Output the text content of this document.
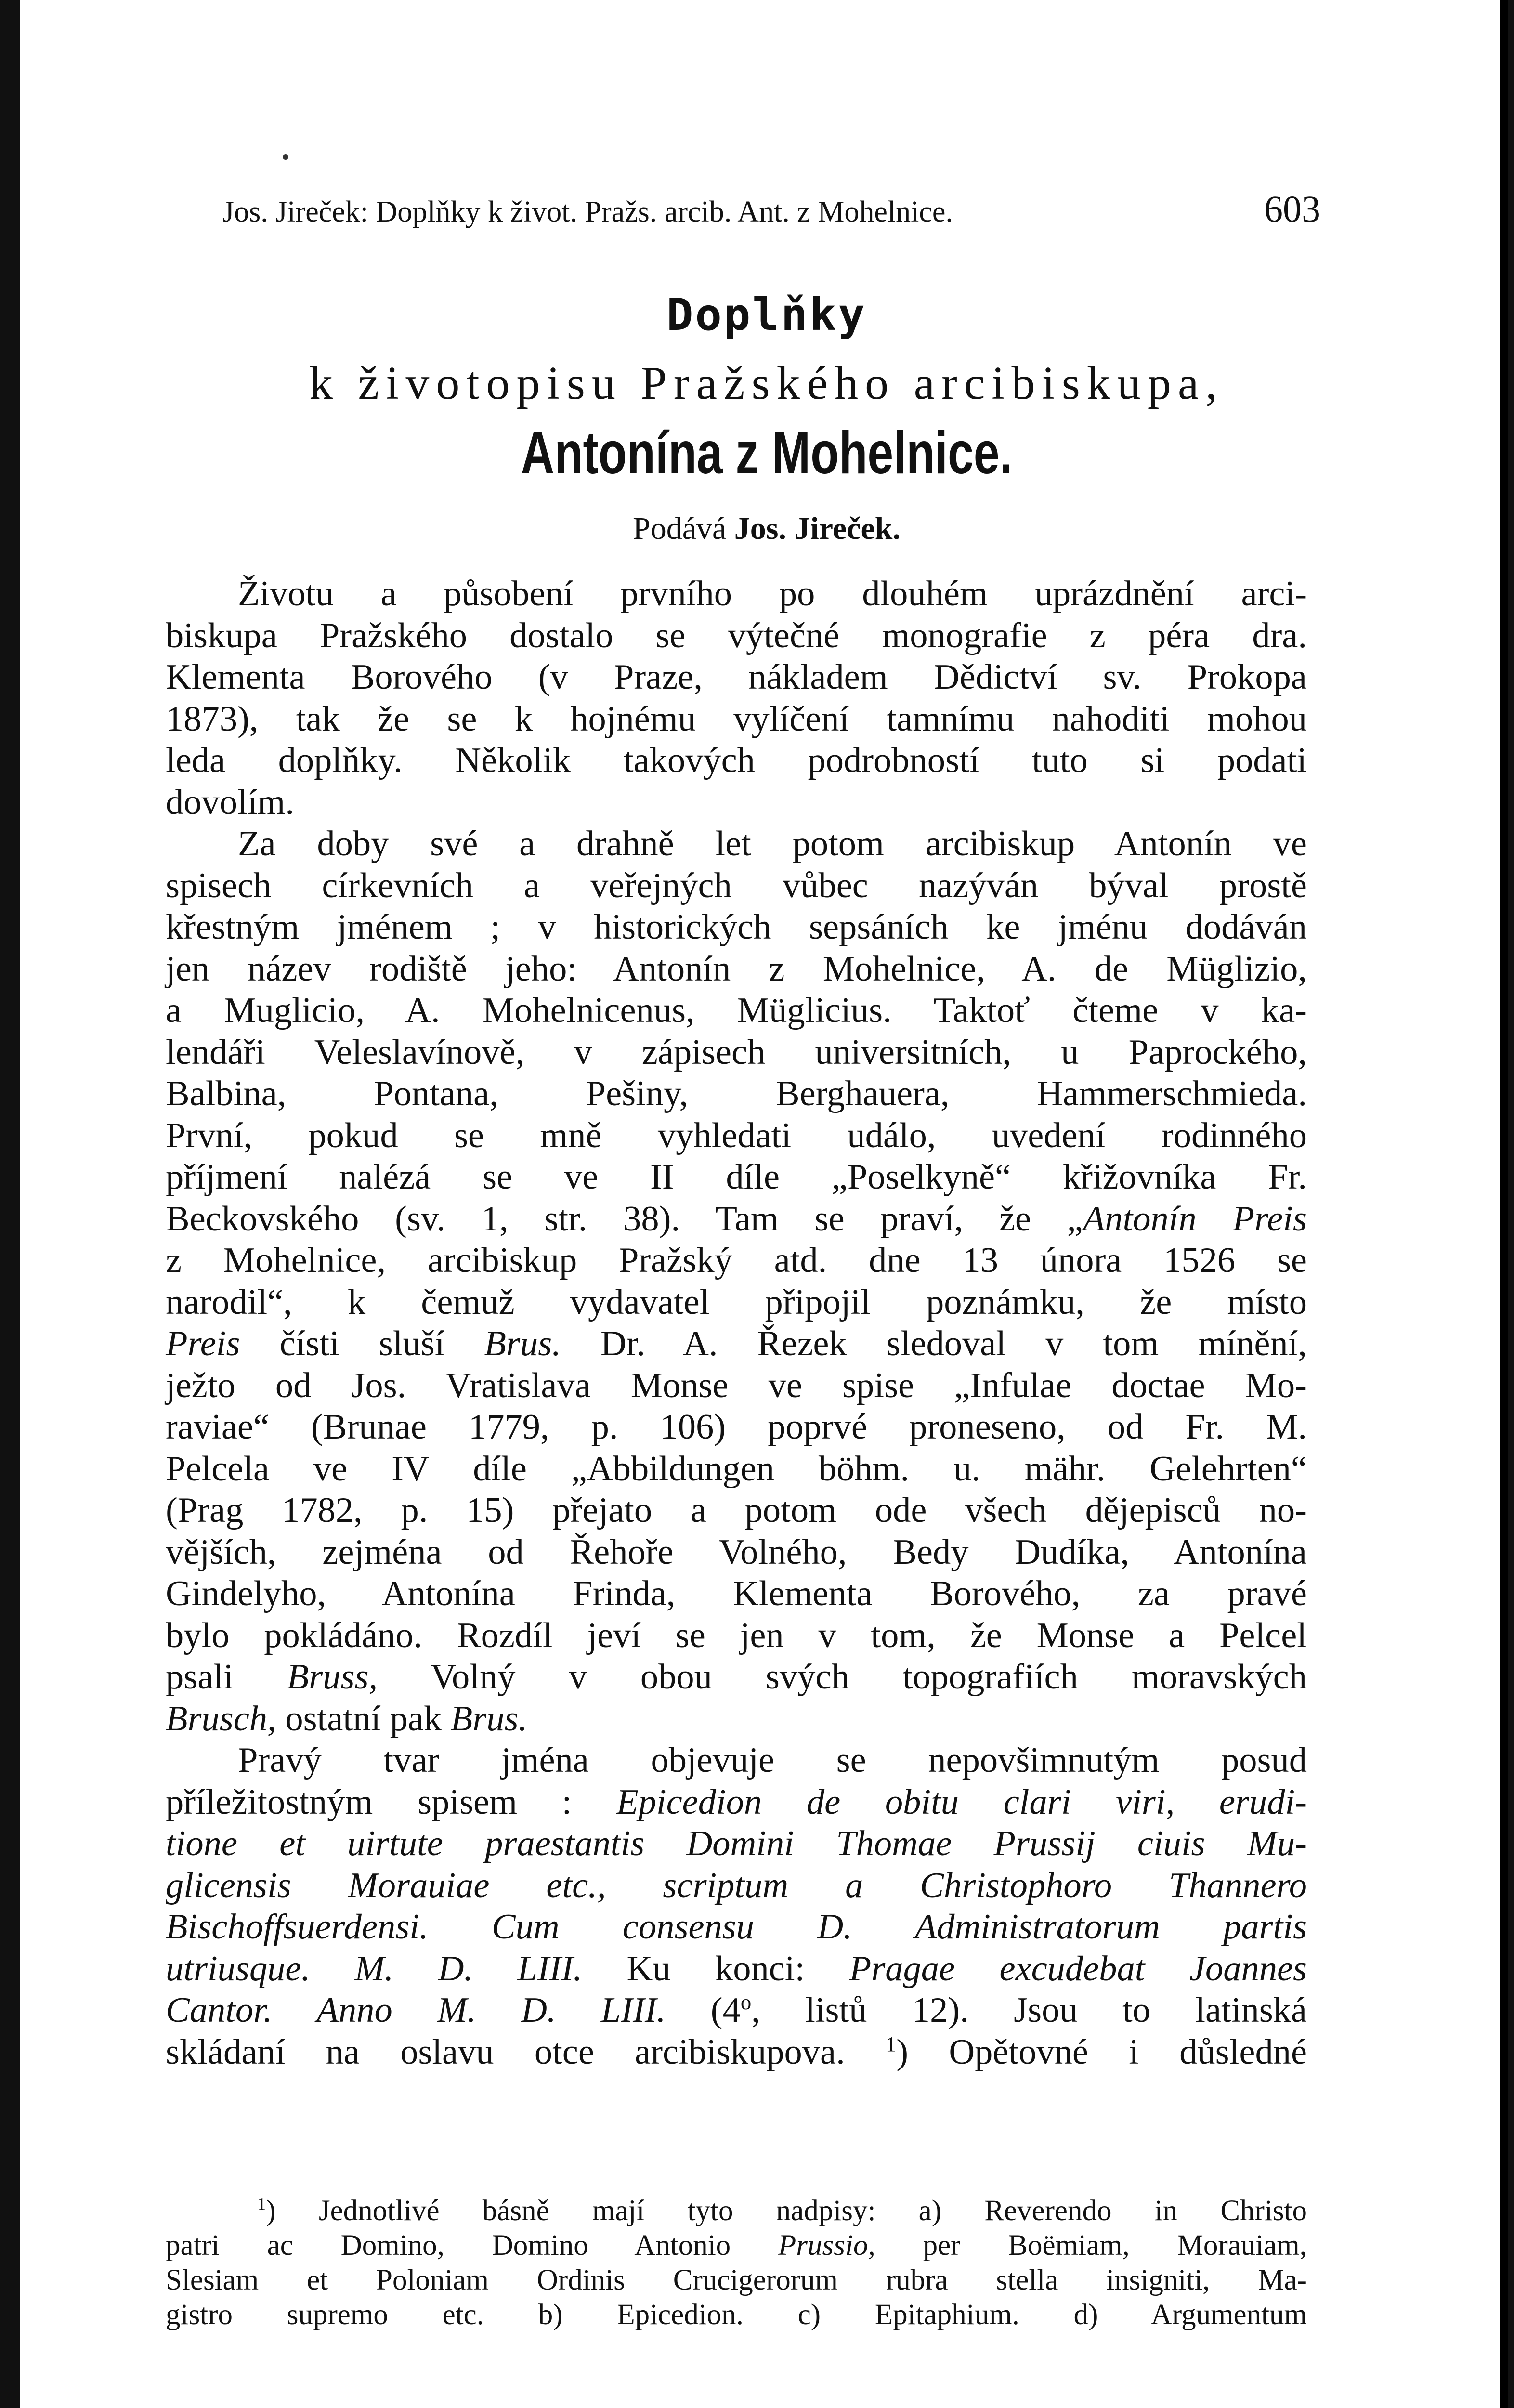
Jos. Jireček: Doplňky k život. Pražs. arcib. Ant. z Mohelnice.	603
Doplňky
k životopisu Pražského arcibiskupa,
Antonína z Mohelnice.
Podává Jos. Jireček.
Životu a působení prvního po dlouhém uprázdnění arci-
biskupa Pražského dostalo se výtečné monografie z péra dra.
Klementa Borového (v Praze, nákladem Dědictví sv. Prokopa
1873), tak že se k hojnému vylíčení tamnímu nahoditi mohou
leda doplňky. Několik takových podrobností tuto si podati
dovolím.
Za doby své a drahně let potom arcibiskup Antonín ve
spisech církevních a veřejných vůbec nazýván býval prostě
křestným jménem ; v historických sepsáních ke jménu dodáván
jen název rodiště jeho: Antonín z Mohelnice, A. de Müglizio,
a Muglicio, A. Mohelnicenus, Müglicius. Taktoť čteme v ka-
lendáři Veleslavínově, v zápisech universitních, u Paprockého,
Balbina, Pontana, Pešiny, Berghauera, Hammerschmieda.
První, pokud se mně vyhledati událo, uvedení rodinného
příjmení nalézá se ve II díle „Poselkyně“ křižovníka Fr.
Beckovského (sv. 1, str. 38). Tam se praví, že „Antonín Preis
z Mohelnice, arcibiskup Pražský atd. dne 13 února 1526 se
narodil“, k čemuž vydavatel připojil poznámku, že místo
Preis čísti sluší Brus. Dr. A. Řezek sledoval v tom mínění,
ježto od Jos. Vratislava Monse ve spise „Infulae doctae Mo-
raviae“ (Brunae 1779, p. 106) poprvé proneseno, od Fr. M.
Pelcela ve IV díle „Abbildungen böhm. u. mähr. Gelehrten“
(Prag 1782, p. 15) přejato a potom ode všech dějepisců no-
vějších, zejména od Řehoře Volného, Bedy Dudíka, Antonína
Gindelyho, Antonína Frinda, Klementa Borového, za pravé
bylo pokládáno. Rozdíl jeví se jen v tom, že Monse a Pelcel
psali Bruss, Volný v obou svých topografiích moravských
Brusch, ostatní pak Brus.
Pravý tvar jména objevuje se nepovšimnutým posud
příležitostným spisem : Epicedion de obitu clari viri, erudi-
tione et uirtute praestantis Domini Thomae Prussij ciuis Mu-
glicensis Morauiae etc., scriptum a Christophoro Thannero
Bischoffsuerdensi. Cum consensu D. Administratorum partis
utriusque. M. D. LIII. Ku konci: Pragae excudebat Joannes
Cantor. Anno M. D. LIII. (4$^o$, listů 12). Jsou to latinská
skládaní na oslavu otce arcibiskupova. $^1$) Opětovné i důsledné
$^1$) Jednotlivé básně mají tyto nadpisy: a) Reverendo in Christo
patri ac Domino, Domino Antonio Prussio, per Boëmiam, Morauiam,
Slesiam et Poloniam Ordinis Crucigerorum rubra stella insigniti, Ma-
gistro supremo etc. b) Epicedion. c) Epitaphium. d) Argumentum
